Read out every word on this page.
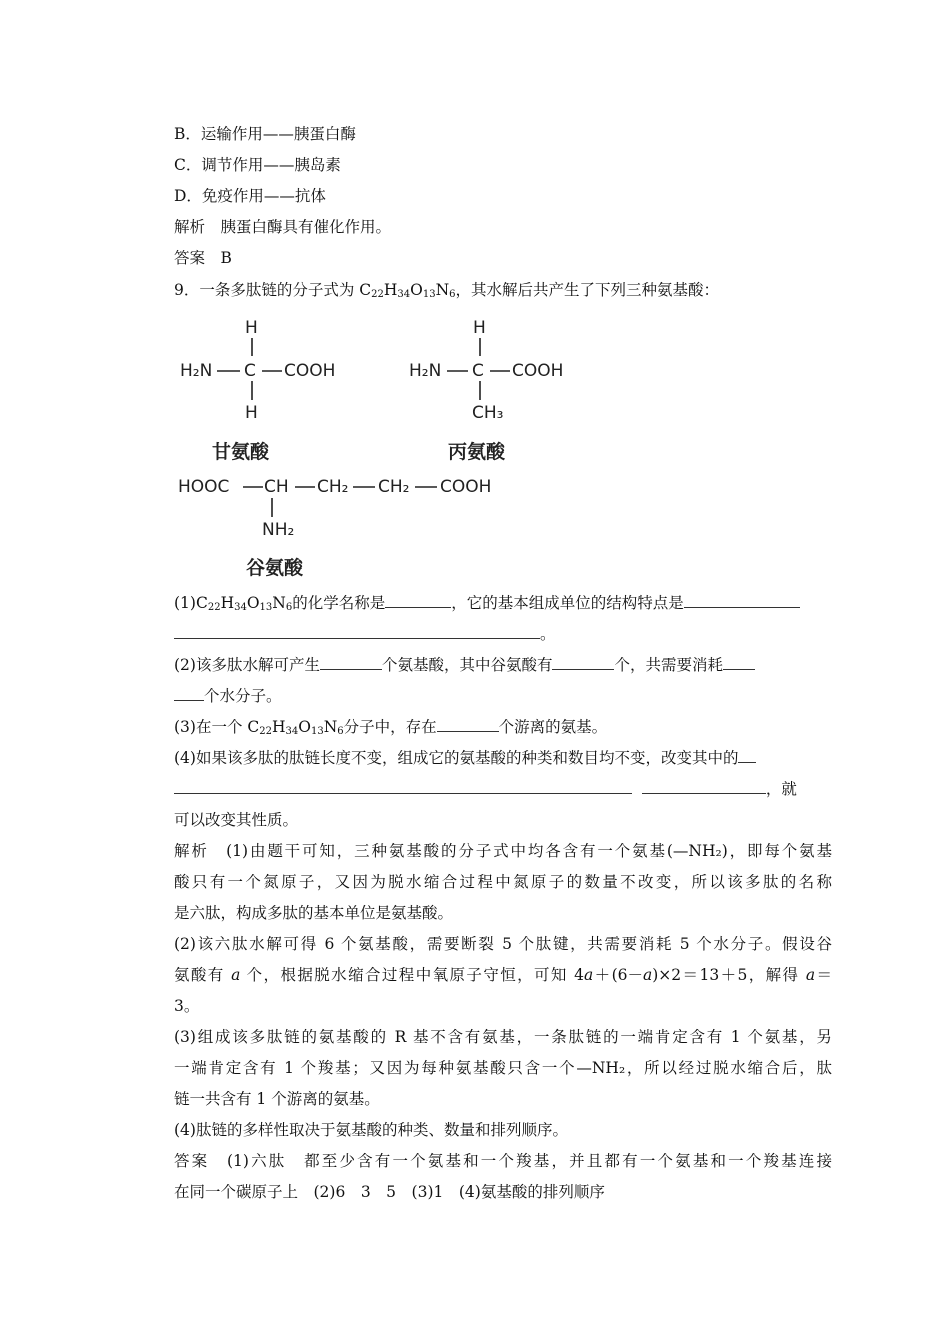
B．运输作用——胰蛋白酶
C．调节作用——胰岛素
D．免疫作用——抗体
解析　胰蛋白酶具有催化作用。
答案　B
9．一条多肽链的分子式为 $C_{22}H_{34}O_{13}N_6$，其水解后共产生了下列三种氨基酸：
H
H₂N C COOH
H
甘氨酸
H
H₂N C COOH
CH₃
丙氨酸
HOOC CH CH₂ CH₂ COOH
NH₂
谷氨酸
$(1)C_{22}H_{34}O_{13}N_6$的化学名称是	，它的基本组成单位的结构特点是
。
(2)该多肽水解可产生	个氨基酸，其中谷氨酸有	个，共需要消耗
个水分子。
(3)在一个 $C_{22}H_{34}O_{13}N_6$分子中，存在	个游离的氨基。
(4)如果该多肽的肽链长度不变，组成它的氨基酸的种类和数目均不变，改变其中的
，就
可以改变其性质。
解析　(1)由题干可知，三种氨基酸的分子式中均各含有一个氨基(—NH₂)，即每个氨基
酸只有一个氮原子，又因为脱水缩合过程中氮原子的数量不改变，所以该多肽的名称
是六肽，构成多肽的基本单位是氨基酸。
(2)该六肽水解可得 6 个氨基酸，需要断裂 5 个肽键，共需要消耗 5 个水分子。假设谷
氨酸有 a 个，根据脱水缩合过程中氧原子守恒，可知 4a＋(6－a)×2＝13＋5，解得 a＝
3。
(3)组成该多肽链的氨基酸的 R 基不含有氨基，一条肽链的一端肯定含有 1 个氨基，另
一端肯定含有 1 个羧基；又因为每种氨基酸只含一个—NH₂，所以经过脱水缩合后，肽
链一共含有 1 个游离的氨基。
(4)肽链的多样性取决于氨基酸的种类、数量和排列顺序。
答案　(1)六肽　都至少含有一个氨基和一个羧基，并且都有一个氨基和一个羧基连接
在同一个碳原子上　(2)6　3　5　(3)1　(4)氨基酸的排列顺序
